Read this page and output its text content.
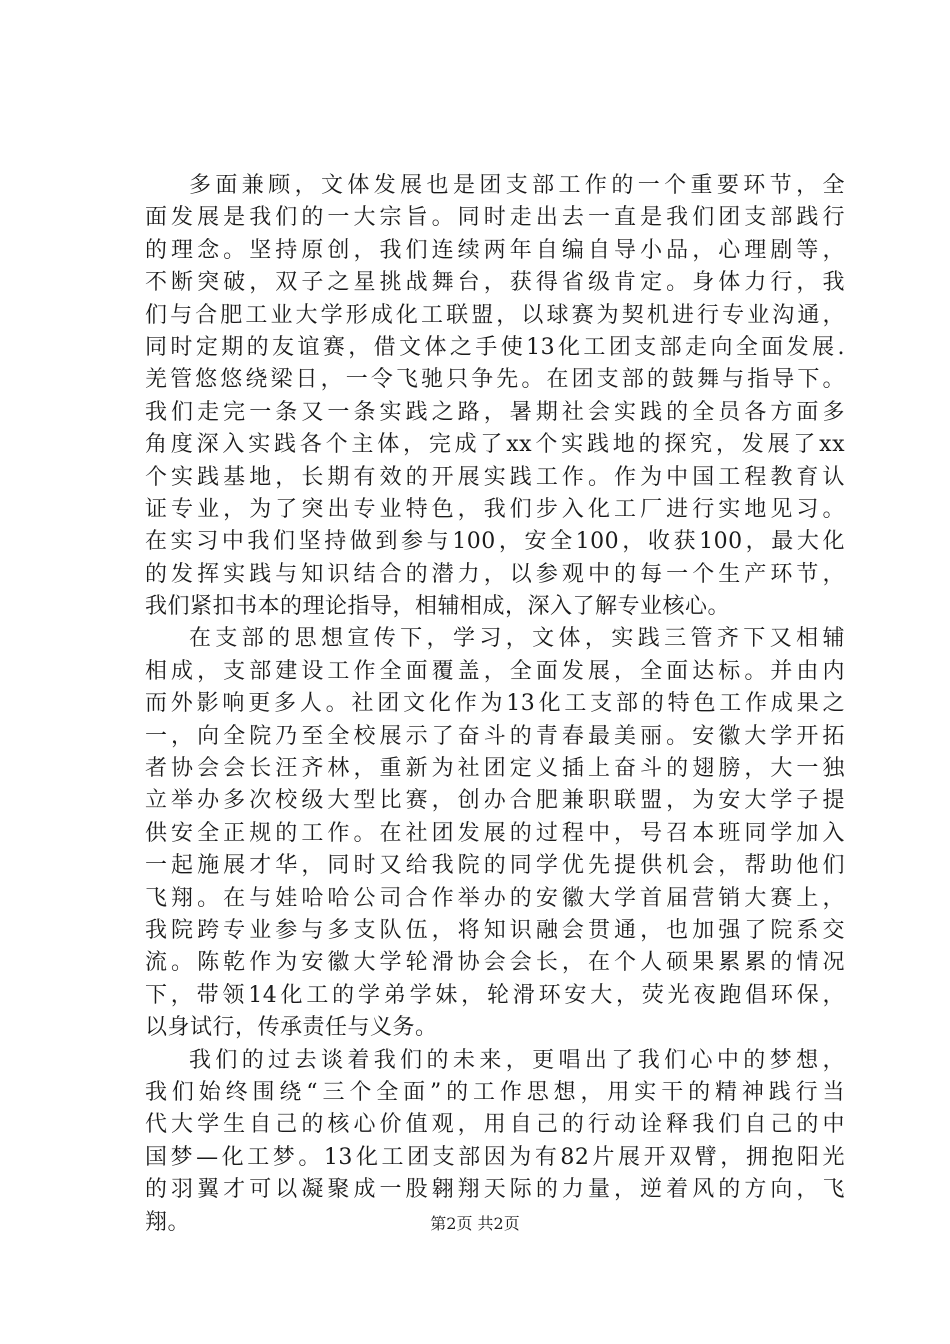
多面兼顾，文体发展也是团支部工作的一个重要环节，全
面发展是我们的一大宗旨。同时走出去一直是我们团支部践行
的理念。坚持原创，我们连续两年自编自导小品，心理剧等，
不断突破，双子之星挑战舞台，获得省级肯定。身体力行，我
们与合肥工业大学形成化工联盟，以球赛为契机进行专业沟通，
同时定期的友谊赛，借文体之手使13化工团支部走向全面发展.
羌管悠悠绕梁日，一令飞驰只争先。在团支部的鼓舞与指导下。
我们走完一条又一条实践之路，暑期社会实践的全员各方面多
角度深入实践各个主体，完成了xx个实践地的探究，发展了xx
个实践基地，长期有效的开展实践工作。作为中国工程教育认
证专业，为了突出专业特色，我们步入化工厂进行实地见习。
在实习中我们坚持做到参与100，安全100，收获100，最大化
的发挥实践与知识结合的潜力，以参观中的每一个生产环节，
我们紧扣书本的理论指导，相辅相成，深入了解专业核心。
在支部的思想宣传下，学习，文体，实践三管齐下又相辅
相成，支部建设工作全面覆盖，全面发展，全面达标。并由内
而外影响更多人。社团文化作为13化工支部的特色工作成果之
一，向全院乃至全校展示了奋斗的青春最美丽。安徽大学开拓
者协会会长汪齐林，重新为社团定义插上奋斗的翅膀，大一独
立举办多次校级大型比赛，创办合肥兼职联盟，为安大学子提
供安全正规的工作。在社团发展的过程中，号召本班同学加入
一起施展才华，同时又给我院的同学优先提供机会，帮助他们
飞翔。在与娃哈哈公司合作举办的安徽大学首届营销大赛上，
我院跨专业参与多支队伍，将知识融会贯通，也加强了院系交
流。陈乾作为安徽大学轮滑协会会长，在个人硕果累累的情况
下，带领14化工的学弟学妹，轮滑环安大，荧光夜跑倡环保，
以身试行，传承责任与义务。
我们的过去谈着我们的未来，更唱出了我们心中的梦想，
我们始终围绕“三个全面”的工作思想，用实干的精神践行当
代大学生自己的核心价值观，用自己的行动诠释我们自己的中
国梦—化工梦。13化工团支部因为有82片展开双臂，拥抱阳光
的羽翼才可以凝聚成一股翱翔天际的力量，逆着风的方向，飞
翔。	第2页 共2页
